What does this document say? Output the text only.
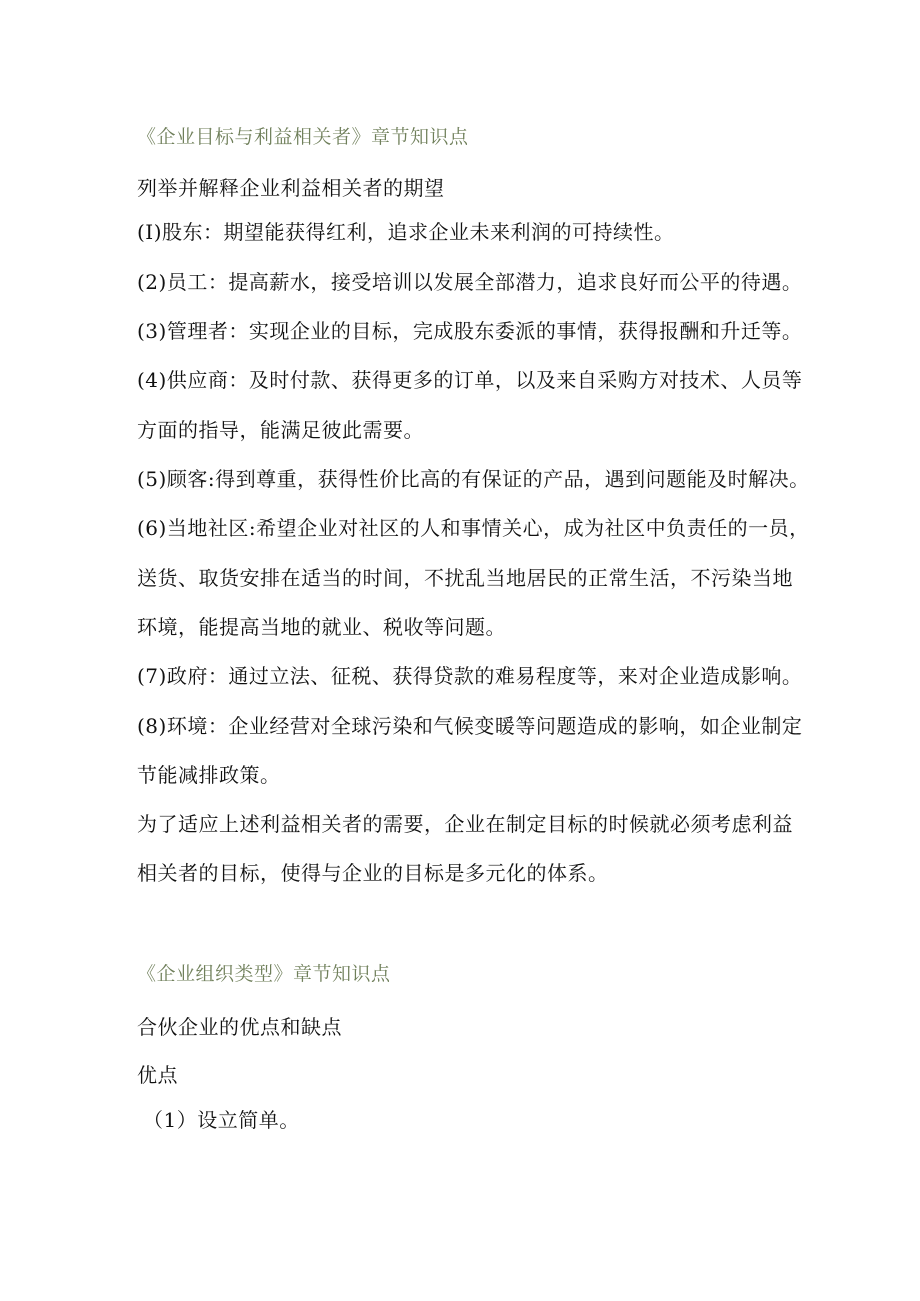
《企业目标与利益相关者》章节知识点
列举并解释企业利益相关者的期望
(I)股东：期望能获得红利，追求企业未来利润的可持续性。
(2)员工：提高薪水，接受培训以发展全部潜力，追求良好而公平的待遇。
(3)管理者：实现企业的目标，完成股东委派的事情，获得报酬和升迁等。
(4)供应商：及时付款、获得更多的订单，以及来自采购方对技术、人员等
方面的指导，能满足彼此需要。
(5)顾客:得到尊重，获得性价比高的有保证的产品，遇到问题能及时解决。
(6)当地社区:希望企业对社区的人和事情关心，成为社区中负责任的一员，
送货、取货安排在适当的时间，不扰乱当地居民的正常生活，不污染当地
环境，能提高当地的就业、税收等问题。
(7)政府：通过立法、征税、获得贷款的难易程度等，来对企业造成影响。
(8)环境：企业经营对全球污染和气候变暖等问题造成的影响，如企业制定
节能减排政策。
为了适应上述利益相关者的需要，企业在制定目标的时候就必须考虑利益
相关者的目标，使得与企业的目标是多元化的体系。
《企业组织类型》章节知识点
合伙企业的优点和缺点
优点
（1）设立简单。
